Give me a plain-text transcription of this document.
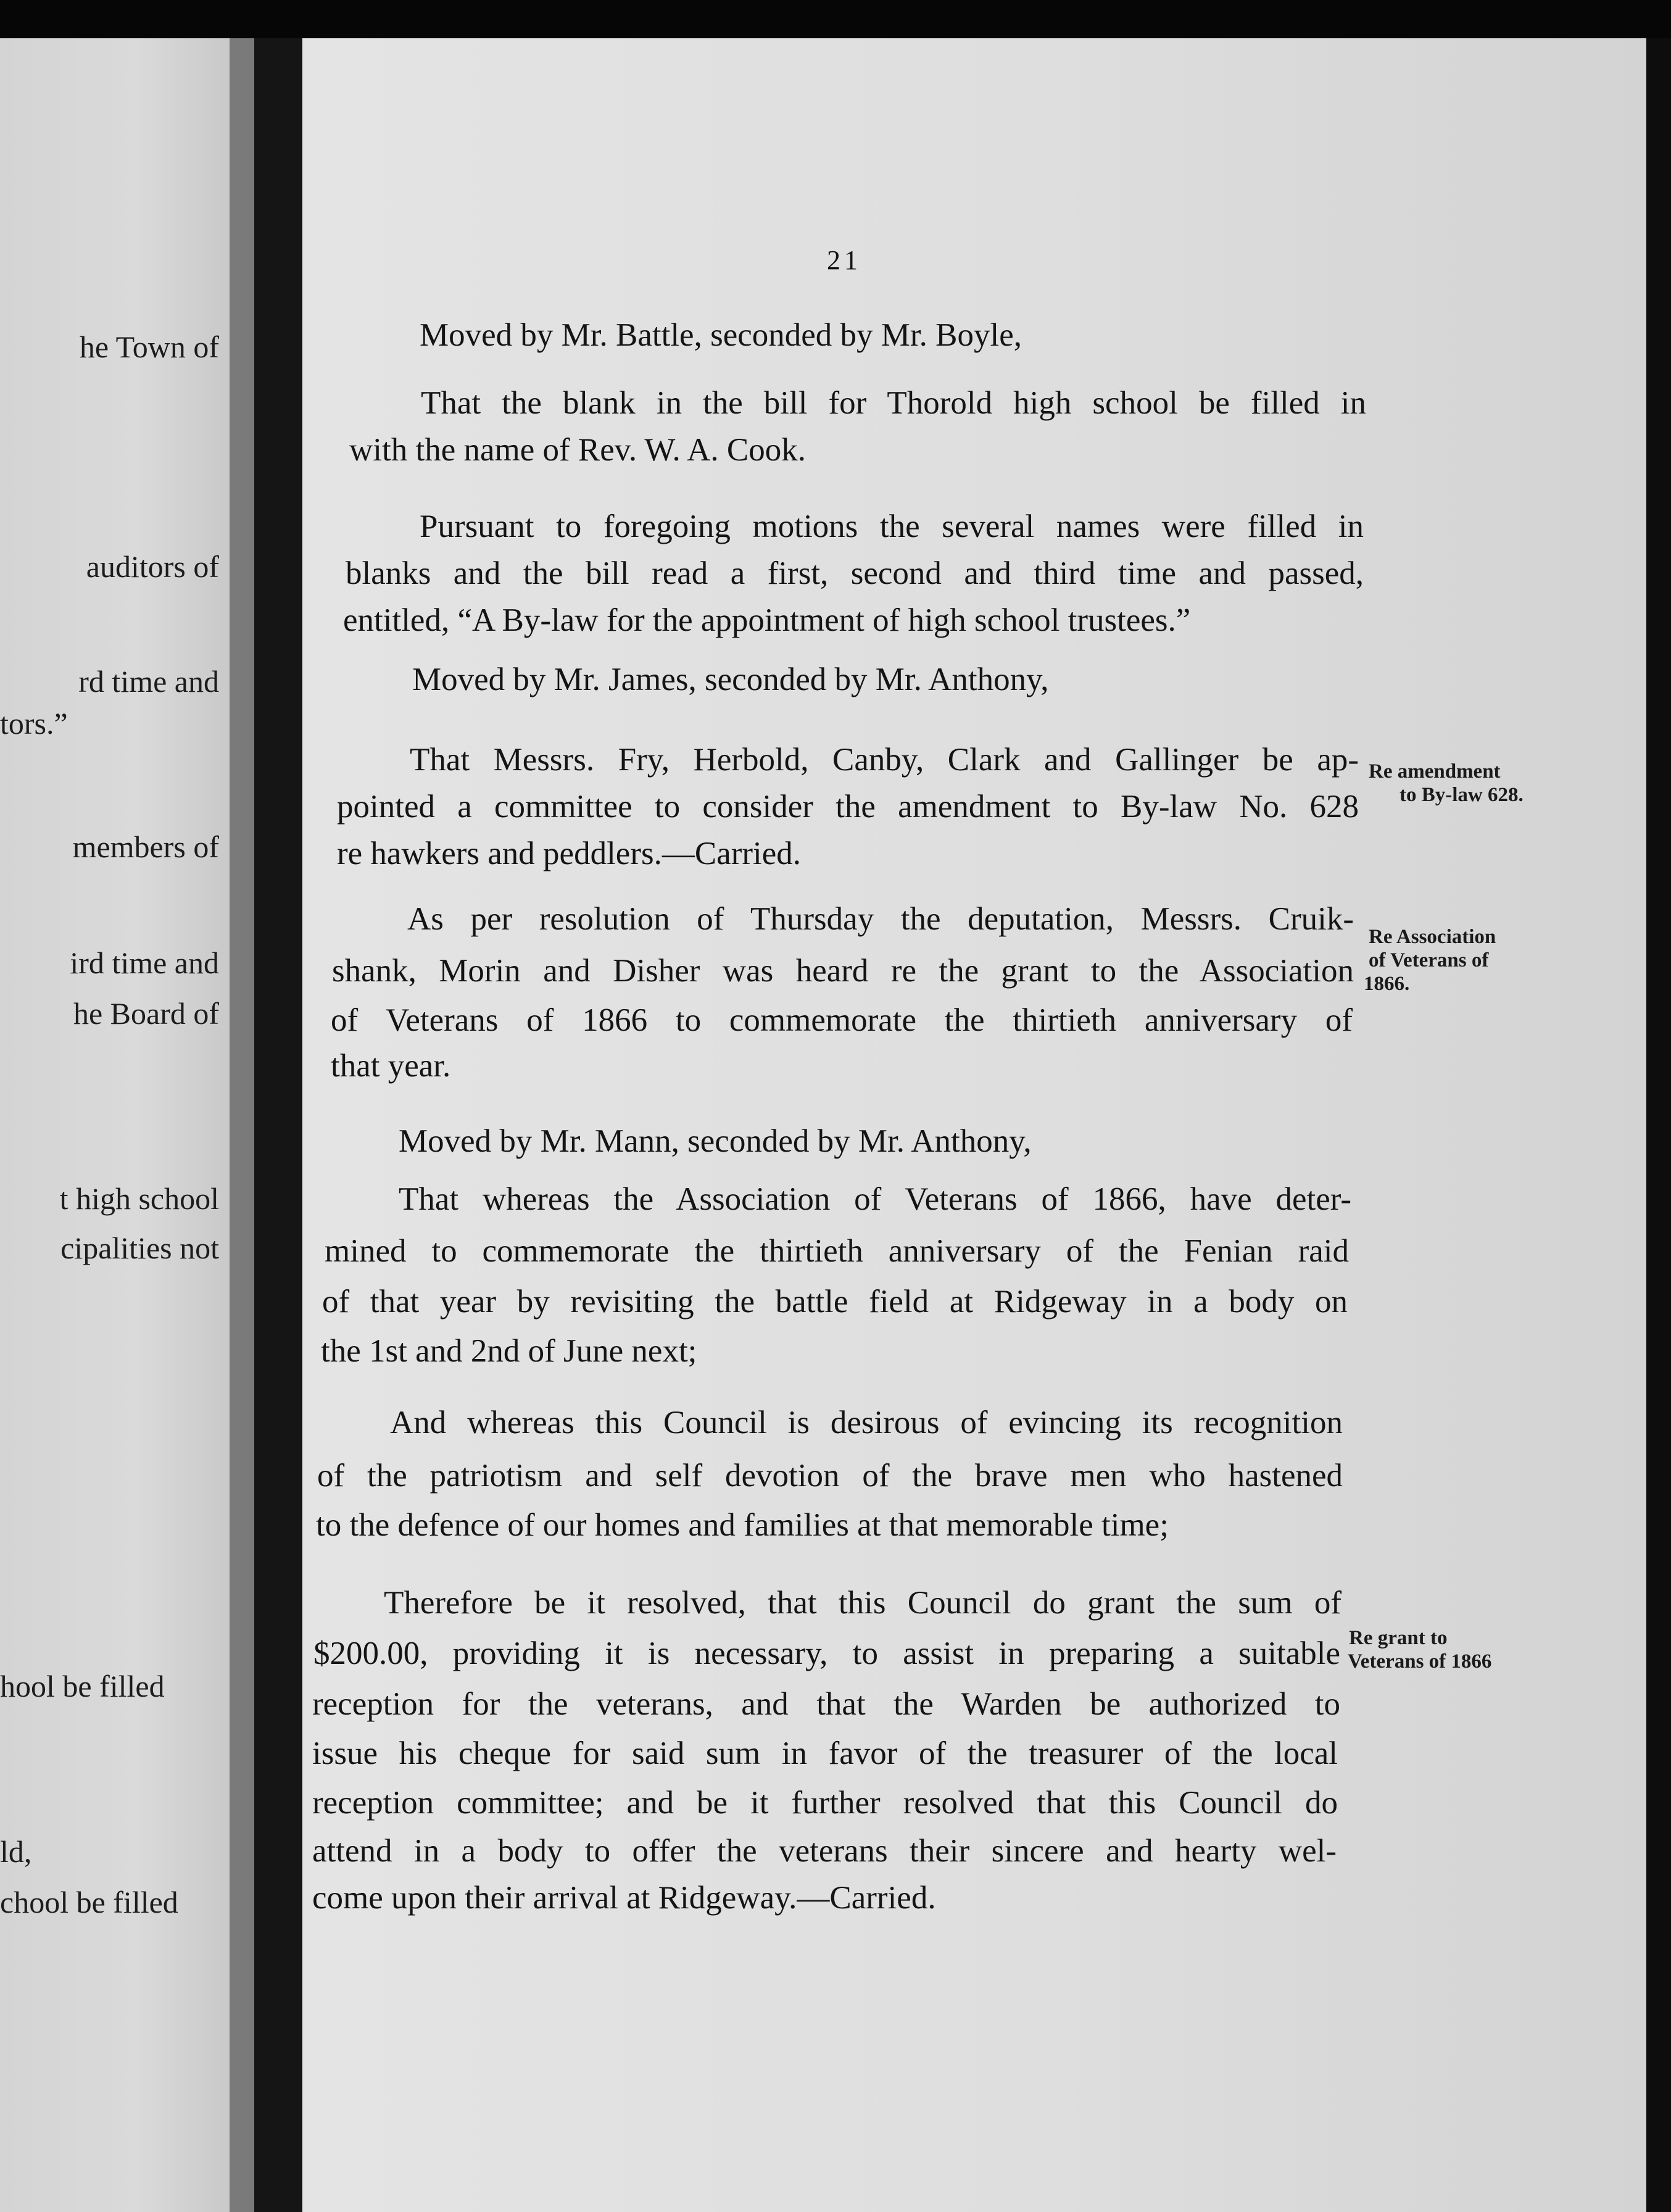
he Town of
auditors of
rd time and
tors.”
members of
ird time and
he Board of
t high school
cipalities not
hool be filled
ld,
chool be filled
21
Moved by Mr. Battle, seconded by Mr. Boyle,
That the blank in the bill for Thorold high school be filled in
with the name of Rev. W. A. Cook.
Pursuant to foregoing motions the several names were filled in
blanks and the bill read a first, second and third time and passed,
entitled, “A By-law for the appointment of high school trustees.”
Moved by Mr. James, seconded by Mr. Anthony,
That Messrs. Fry, Herbold, Canby, Clark and Gallinger be ap-
pointed a committee to consider the amendment to By-law No. 628
re hawkers and peddlers.—Carried.
As per resolution of Thursday the deputation, Messrs. Cruik-
shank, Morin and Disher was heard re the grant to the Association
of Veterans of 1866 to commemorate the thirtieth anniversary of
that year.
Moved by Mr. Mann, seconded by Mr. Anthony,
That whereas the Association of Veterans of 1866, have deter-
mined to commemorate the thirtieth anniversary of the Fenian raid
of that year by revisiting the battle field at Ridgeway in a body on
the 1st and 2nd of June next;
And whereas this Council is desirous of evincing its recognition
of the patriotism and self devotion of the brave men who hastened
to the defence of our homes and families at that memorable time;
Therefore be it resolved, that this Council do grant the sum of
$200.00, providing it is necessary, to assist in preparing a suitable
reception for the veterans, and that the Warden be authorized to
issue his cheque for said sum in favor of the treasurer of the local
reception committee; and be it further resolved that this Council do
attend in a body to offer the veterans their sincere and hearty wel-
come upon their arrival at Ridgeway.—Carried.
Re amendment
to By-law 628.
Re Association
of Veterans of
1866.
Re grant to
Veterans of 1866
